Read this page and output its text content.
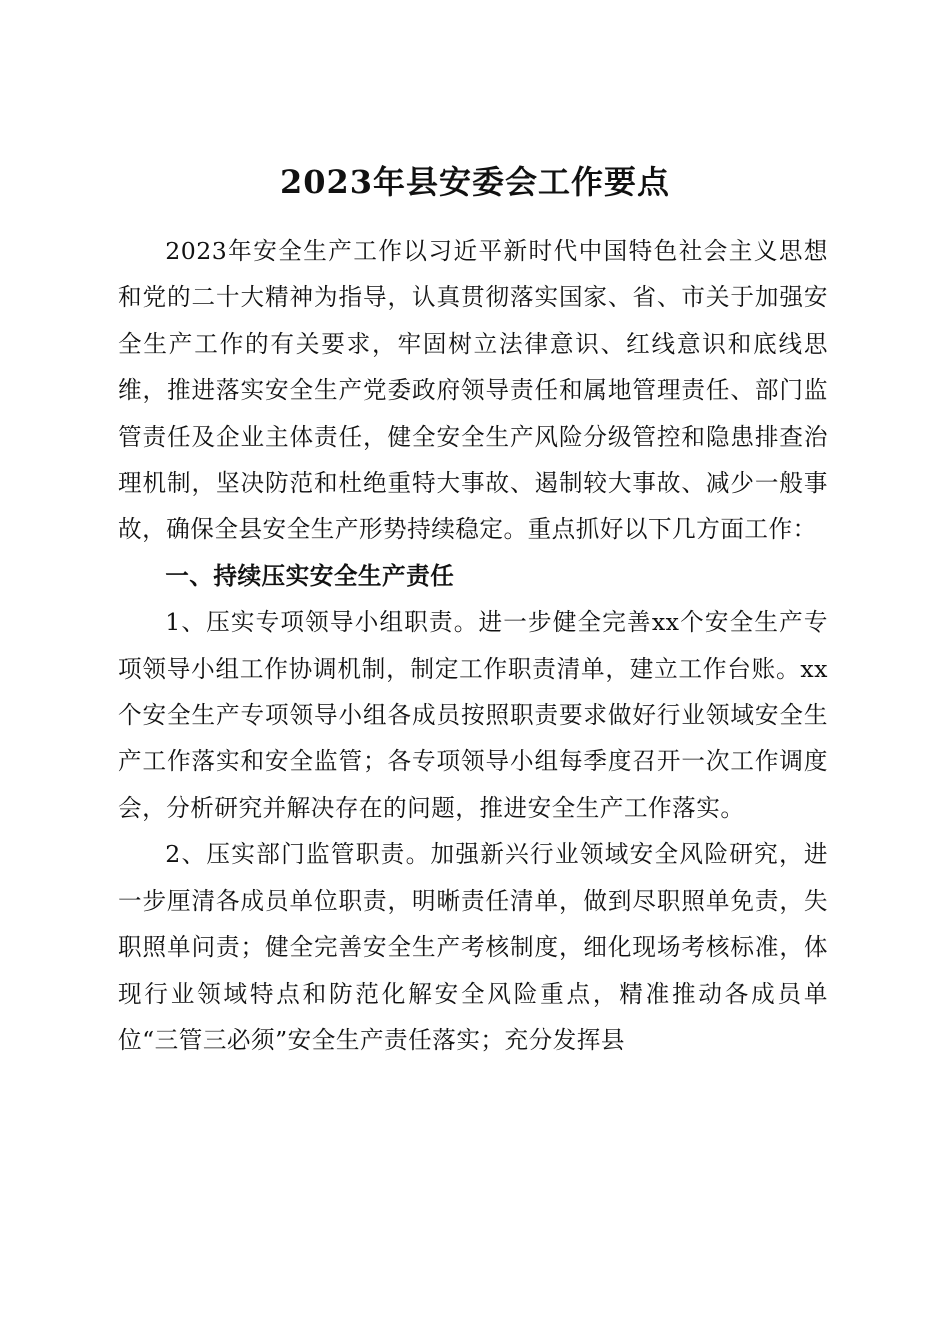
2023年县安委会工作要点

2023年安全生产工作以习近平新时代中国特色社会主义思想和党的二十大精神为指导，认真贯彻落实国家、省、市关于加强安全生产工作的有关要求，牢固树立法律意识、红线意识和底线思维，推进落实安全生产党委政府领导责任和属地管理责任、部门监管责任及企业主体责任，健全安全生产风险分级管控和隐患排查治理机制，坚决防范和杜绝重特大事故、遏制较大事故、减少一般事故，确保全县安全生产形势持续稳定。重点抓好以下几方面工作：

一、持续压实安全生产责任

1、压实专项领导小组职责。进一步健全完善xx个安全生产专项领导小组工作协调机制，制定工作职责清单，建立工作台账。xx个安全生产专项领导小组各成员按照职责要求做好行业领域安全生产工作落实和安全监管；各专项领导小组每季度召开一次工作调度会，分析研究并解决存在的问题，推进安全生产工作落实。

2、压实部门监管职责。加强新兴行业领域安全风险研究，进一步厘清各成员单位职责，明晰责任清单，做到尽职照单免责，失职照单问责；健全完善安全生产考核制度，细化现场考核标准，体现行业领域特点和防范化解安全风险重点，精准推动各成员单位“三管三必须”安全生产责任落实；充分发挥县
